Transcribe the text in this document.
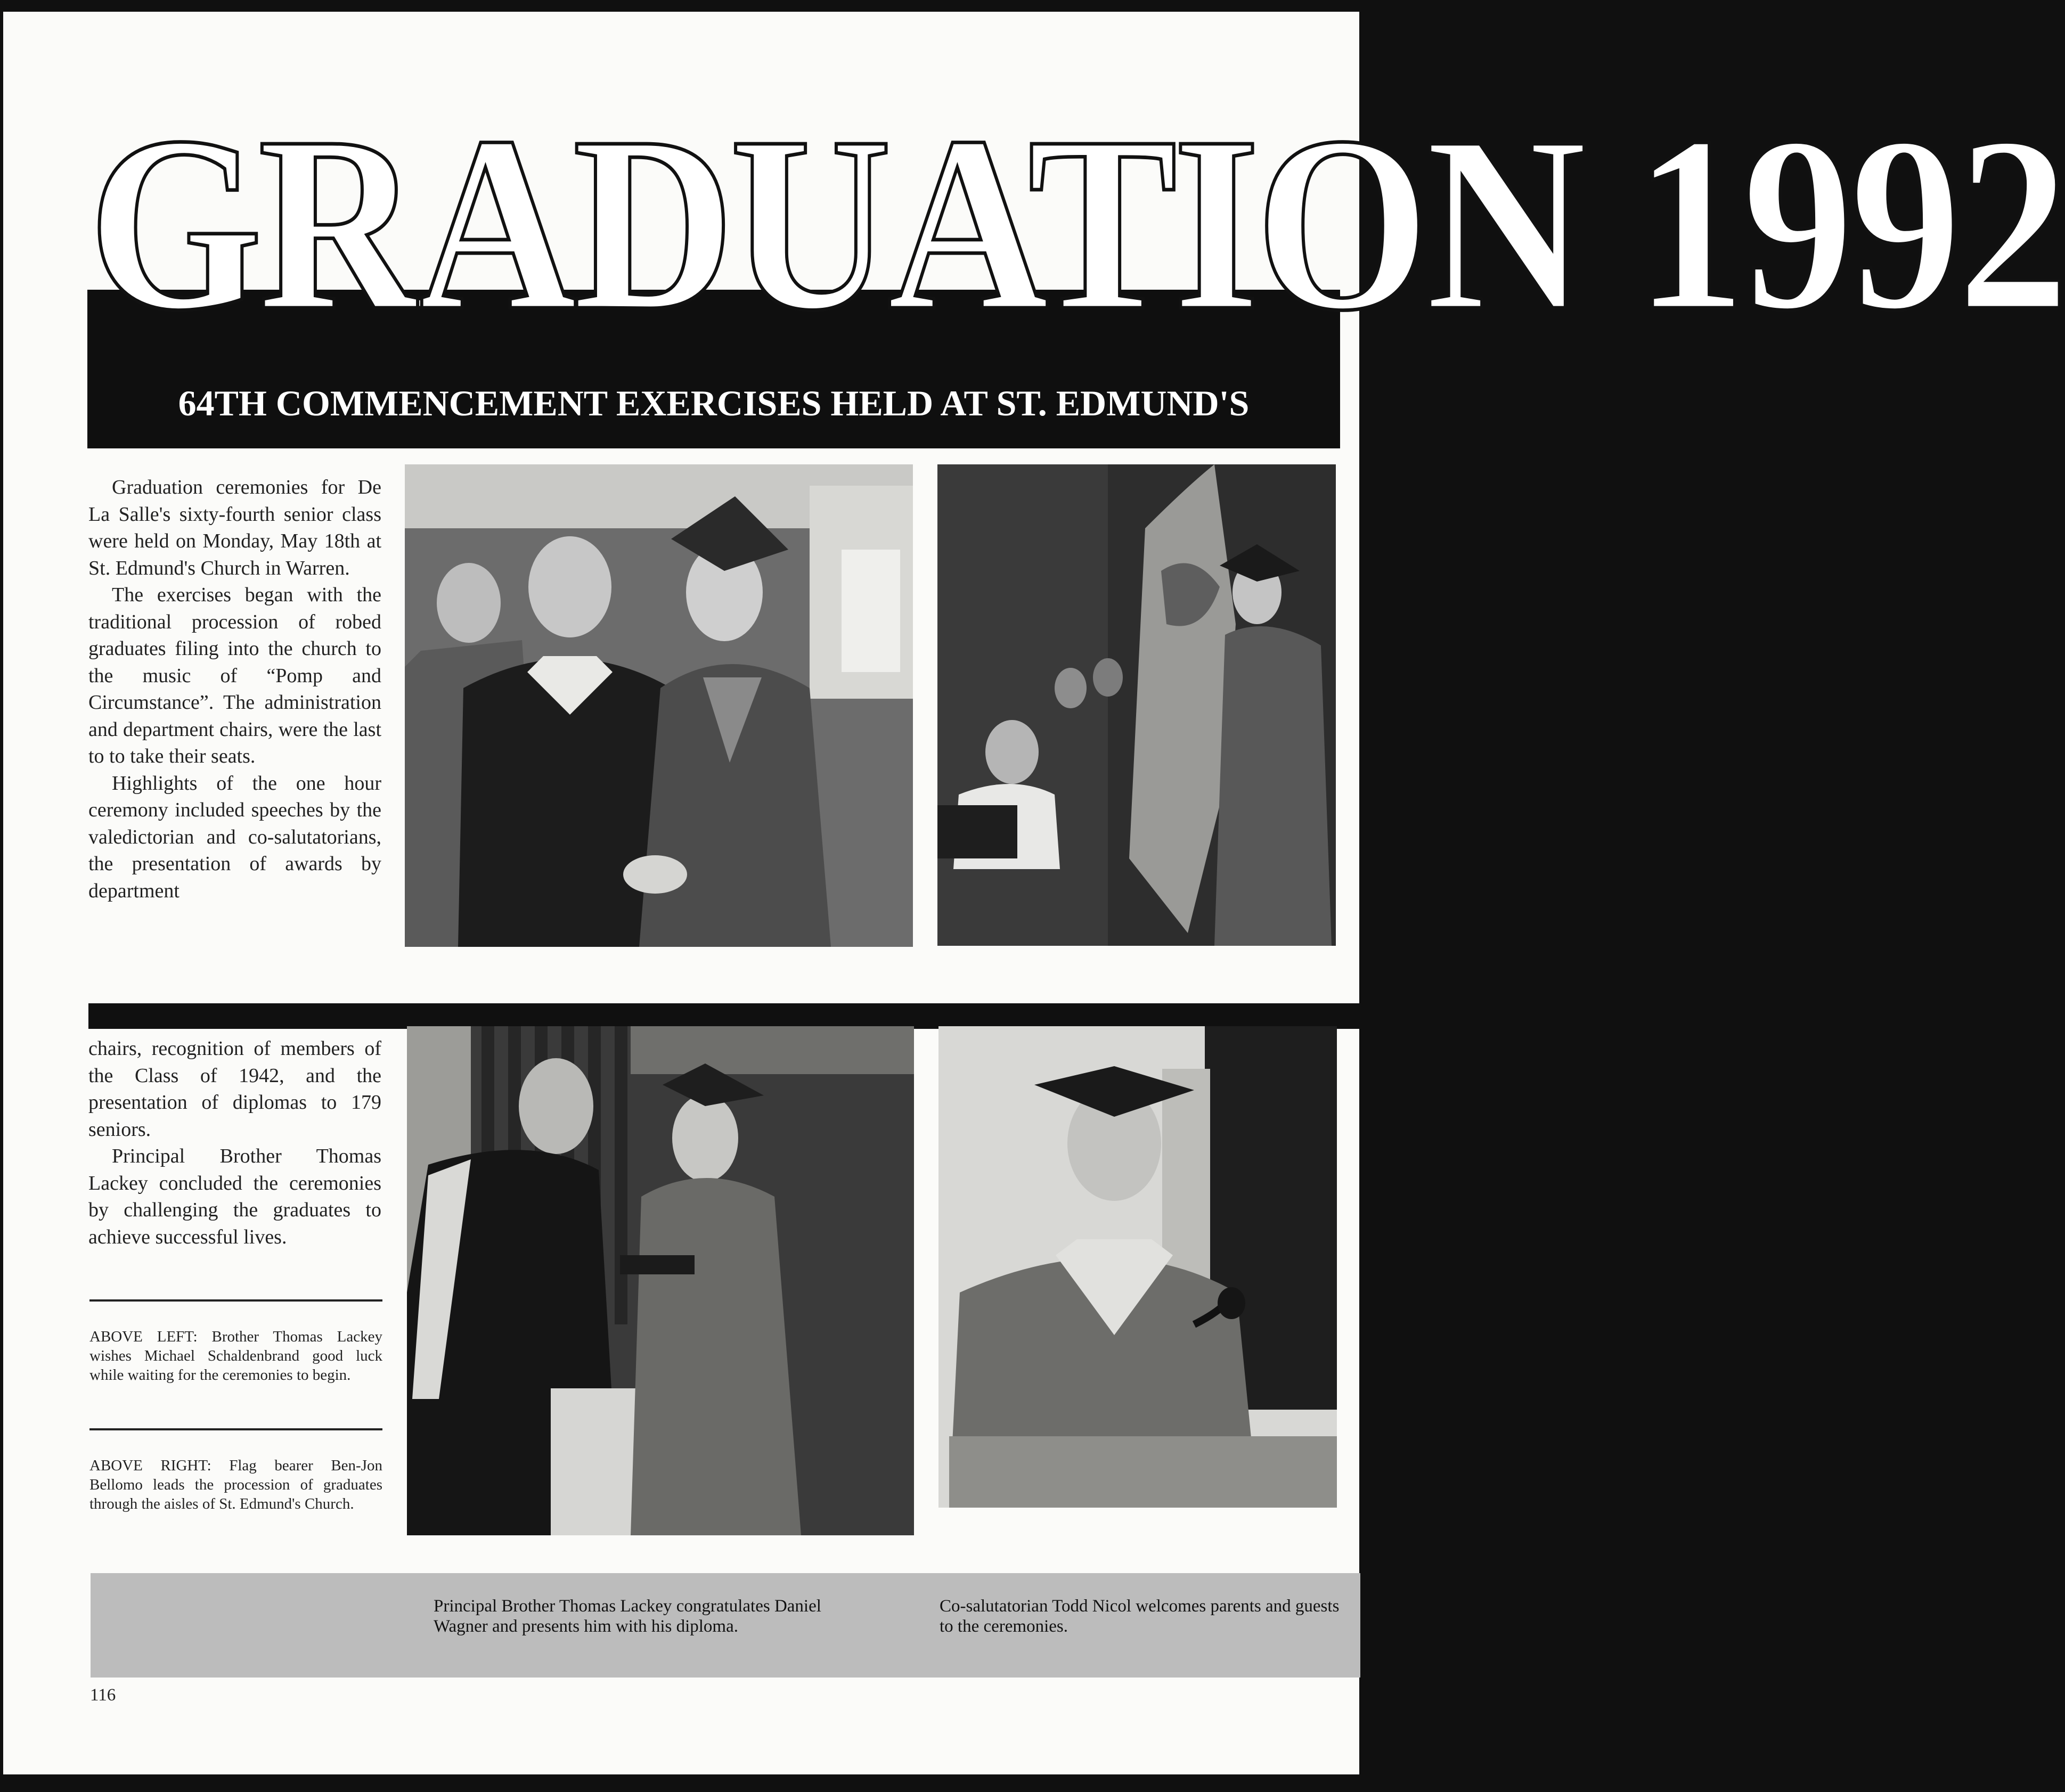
GRADUATION 1992
64TH COMMENCEMENT EXERCISES HELD AT ST. EDMUND'S

Graduation ceremonies for De La Salle's sixty-fourth senior class were held on Monday, May 18th at St. Edmund's Church in Warren.

The exercises began with the traditional procession of robed graduates filing into the church to the music of “Pomp and Circumstance”. The administration and department chairs, were the last to to take their seats.

Highlights of the one hour ceremony included speeches by the valedictorian and co-salutatorians, the presentation of awards by department

chairs, recognition of members of the Class of 1942, and the presentation of diplomas to 179 seniors.

Principal Brother Thomas Lackey concluded the ceremonies by challenging the graduates to achieve successful lives.

ABOVE LEFT: Brother Thomas Lackey wishes Michael Schaldenbrand good luck while waiting for the ceremonies to begin.

ABOVE RIGHT: Flag bearer Ben-Jon Bellomo leads the procession of graduates through the aisles of St. Edmund's Church.

Principal Brother Thomas Lackey congratulates Daniel Wagner and presents him with his diploma.

Co-salutatorian Todd Nicol welcomes parents and guests to the ceremonies.

116
